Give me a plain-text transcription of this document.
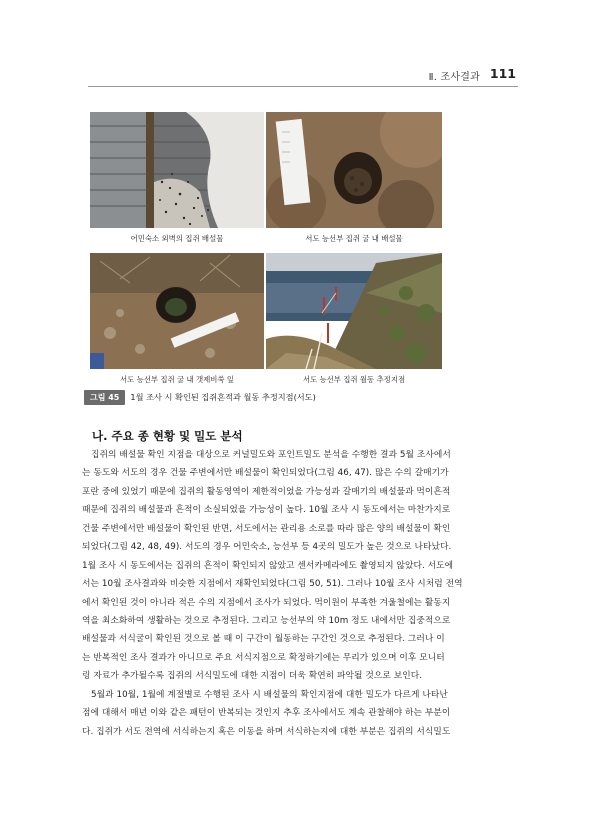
Ⅱ. 조사결과 111
어민숙소 외벽의 집쥐 배설물	서도 능선부 집쥐 굴 내 배설물
서도 능선부 집쥐 굴 내 갯제비쑥 잎	서도 능선부 집쥐 월동 추정지점
그림 45 1월 조사 시 확인된 집쥐흔적과 월동 추정지점(서도)
나. 주요 종 현황 및 밀도 분석
집쥐의 배설물 확인 지점을 대상으로 커널밀도와 포인트밀도 분석을 수행한 결과 5월 조사에서
는 동도와 서도의 경우 건물 주변에서만 배설물이 확인되었다(그림 46, 47). 많은 수의 갈매기가
포란 중에 있었기 때문에 집쥐의 활동영역이 제한적이었을 가능성과 갈매기의 배설물과 먹이흔적
때문에 집쥐의 배설물과 흔적이 소실되었을 가능성이 높다. 10월 조사 시 동도에서는 마찬가지로
건물 주변에서만 배설물이 확인된 반면, 서도에서는 관리용 소로를 따라 많은 양의 배설물이 확인
되었다(그림 42, 48, 49). 서도의 경우 어민숙소, 능선부 등 4곳의 밀도가 높은 것으로 나타났다.
1월 조사 시 동도에서는 집쥐의 흔적이 확인되지 않았고 센서카메라에도 촬영되지 않았다. 서도에
서는 10월 조사결과와 비슷한 지점에서 재확인되었다(그림 50, 51). 그러나 10월 조사 시처럼 전역
에서 확인된 것이 아니라 적은 수의 지점에서 조사가 되었다. 먹이원이 부족한 겨울철에는 활동지
역을 최소화하여 생활하는 것으로 추정된다. 그리고 능선부의 약 10m 정도 내에서만 집중적으로
배설물과 서식굴이 확인된 것으로 볼 때 이 구간이 월동하는 구간인 것으로 추정된다. 그러나 이
는 반복적인 조사 결과가 아니므로 주요 서식지점으로 확정하기에는 무리가 있으며 이후 모니터
링 자료가 추가될수록 집쥐의 서식밀도에 대한 지점이 더욱 확연히 파악될 것으로 보인다.
5월과 10월, 1월에 계절별로 수행된 조사 시 배설물의 확인지점에 대한 밀도가 다르게 나타난
점에 대해서 매년 이와 같은 패턴이 반복되는 것인지 추후 조사에서도 계속 관찰해야 하는 부분이
다. 집쥐가 서도 전역에 서식하는지 혹은 이동을 하며 서식하는지에 대한 부분은 집쥐의 서식밀도
